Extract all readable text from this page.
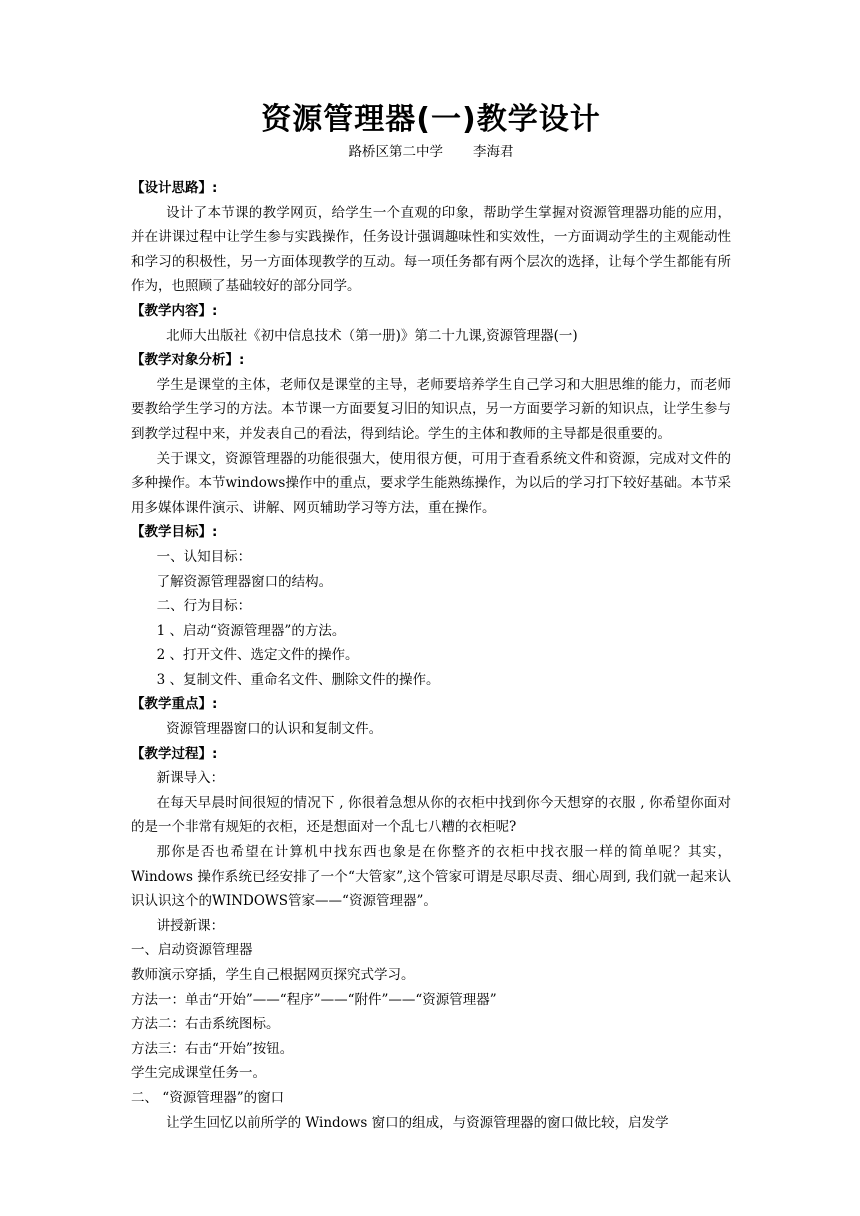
资源管理器(一)教学设计
路桥区第二中学 李海君

【设计思路】:

设计了本节课的教学网页，给学生一个直观的印象，帮助学生掌握对资源管理器功能的应用，并在讲课过程中让学生参与实践操作，任务设计强调趣味性和实效性，一方面调动学生的主观能动性和学习的积极性，另一方面体现教学的互动。每一项任务都有两个层次的选择，让每个学生都能有所作为，也照顾了基础较好的部分同学。

【教学内容】:

北师大出版社《初中信息技术（第一册)》第二十九课,资源管理器(一)

【教学对象分析】:

学生是课堂的主体，老师仅是课堂的主导，老师要培养学生自己学习和大胆思维的能力，而老师要教给学生学习的方法。本节课一方面要复习旧的知识点，另一方面要学习新的知识点，让学生参与到教学过程中来，并发表自己的看法，得到结论。学生的主体和教师的主导都是很重要的。

关于课文，资源管理器的功能很强大，使用很方便，可用于查看系统文件和资源，完成对文件的多种操作。本节windows操作中的重点，要求学生能熟练操作，为以后的学习打下较好基础。本节采用多媒体课件演示、讲解、网页辅助学习等方法，重在操作。

【教学目标】:

一、认知目标：

了解资源管理器窗口的结构。

二、行为目标：

1 、启动“资源管理器”的方法。

2 、打开文件、选定文件的操作。

3 、复制文件、重命名文件、删除文件的操作。

【教学重点】:

资源管理器窗口的认识和复制文件。

【教学过程】:

新课导入：

在每天早晨时间很短的情况下 , 你很着急想从你的衣柜中找到你今天想穿的衣服 , 你希望你面对的是一个非常有规矩的衣柜，还是想面对一个乱七八糟的衣柜呢?

那你是否也希望在计算机中找东西也象是在你整齐的衣柜中找衣服一样的简单呢？其实， Windows 操作系统已经安排了一个“大管家”,这个管家可谓是尽职尽责、细心周到, 我们就一起来认识认识这个的WINDOWS管家——“资源管理器”。

讲授新课：

一、启动资源管理器

教师演示穿插，学生自己根据网页探究式学习。

方法一：单击“开始”——“程序”——“附件”——“资源管理器”

方法二：右击系统图标。

方法三：右击“开始”按钮。

学生完成课堂任务一。

二、 “资源管理器”的窗口

让学生回忆以前所学的 Windows 窗口的组成，与资源管理器的窗口做比较，启发学
